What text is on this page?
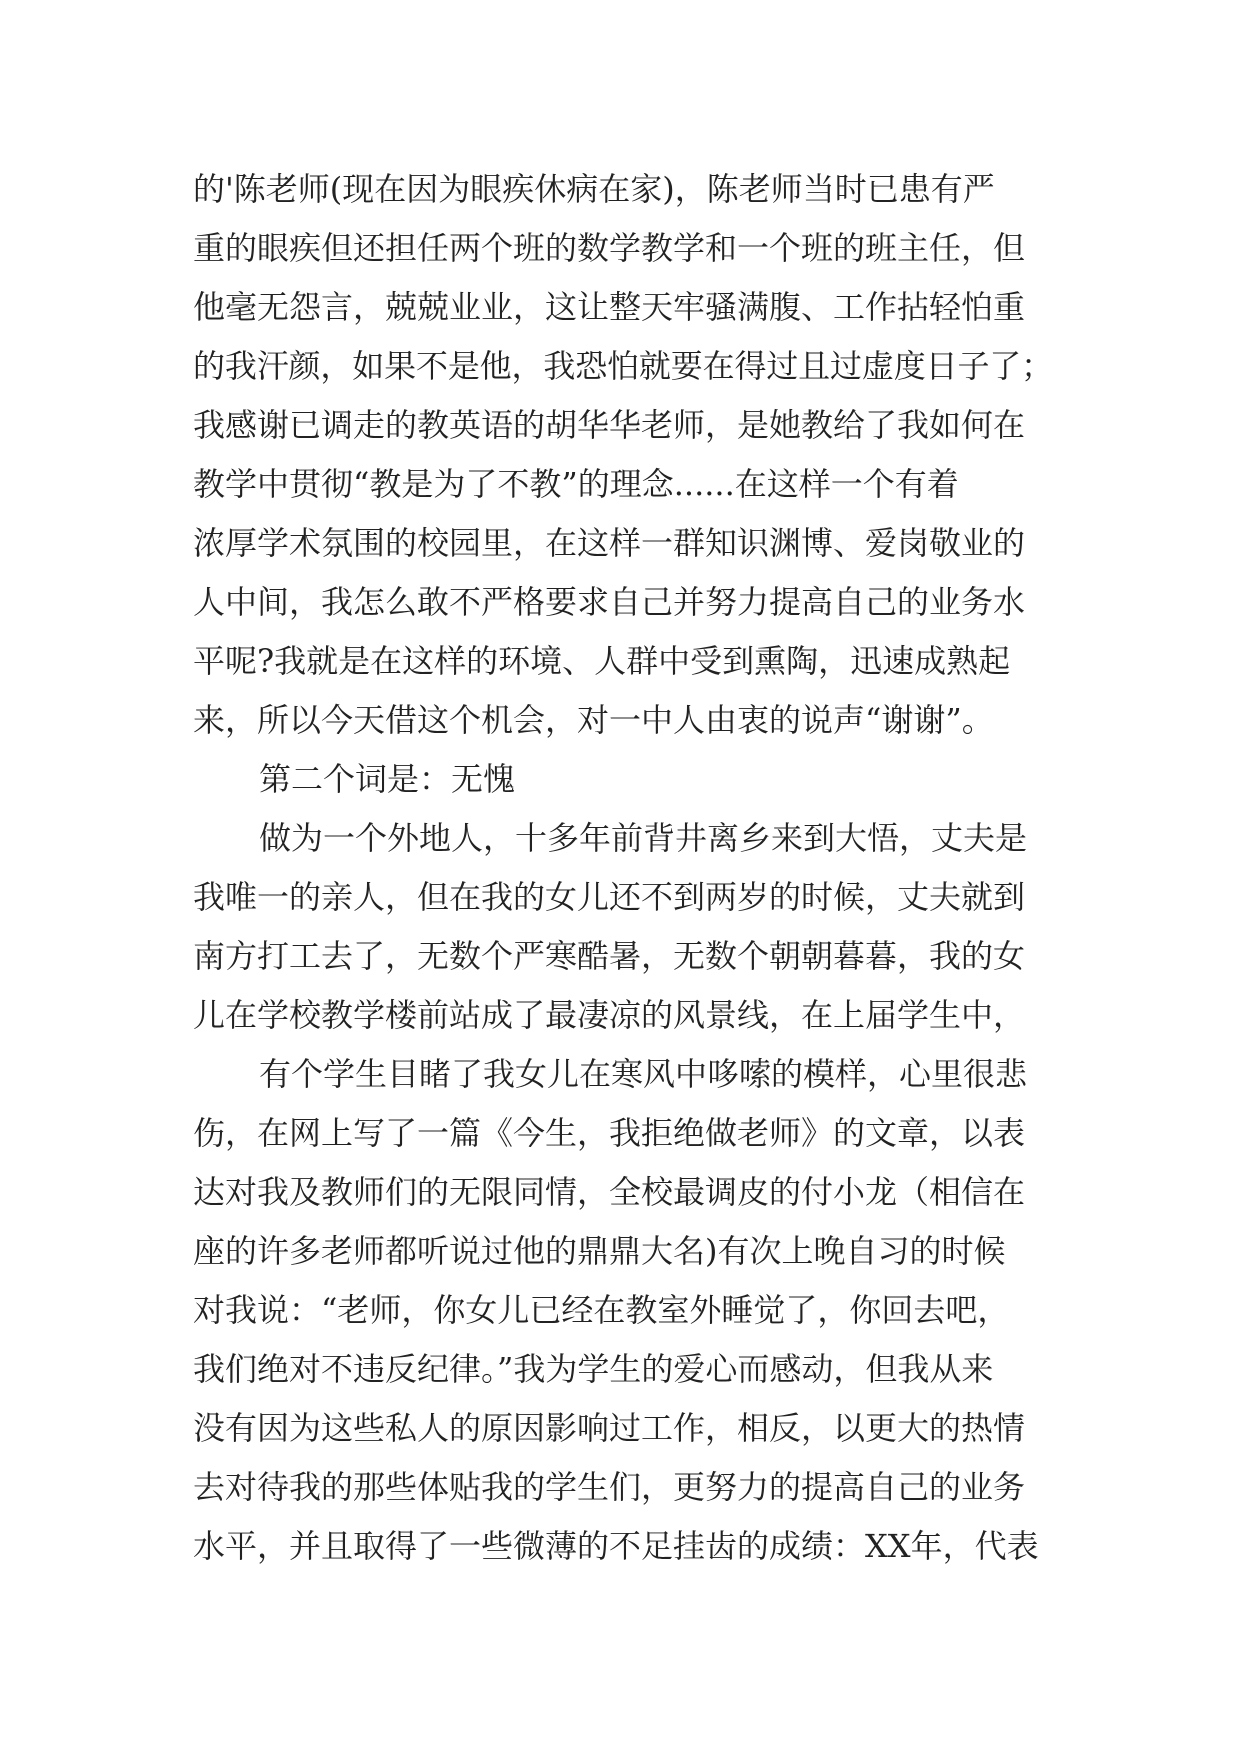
的'陈老师(现在因为眼疾休病在家)，陈老师当时已患有严
重的眼疾但还担任两个班的数学教学和一个班的班主任，但
他毫无怨言，兢兢业业，这让整天牢骚满腹、工作拈轻怕重
的我汗颜，如果不是他，我恐怕就要在得过且过虚度日子了；
我感谢已调走的教英语的胡华华老师，是她教给了我如何在
教学中贯彻“教是为了不教”的理念......在这样一个有着
浓厚学术氛围的校园里，在这样一群知识渊博、爱岗敬业的
人中间，我怎么敢不严格要求自己并努力提高自己的业务水
平呢?我就是在这样的环境、人群中受到熏陶，迅速成熟起
来，所以今天借这个机会，对一中人由衷的说声“谢谢”。
第二个词是：无愧
做为一个外地人，十多年前背井离乡来到大悟，丈夫是
我唯一的亲人，但在我的女儿还不到两岁的时候，丈夫就到
南方打工去了，无数个严寒酷暑，无数个朝朝暮暮，我的女
儿在学校教学楼前站成了最凄凉的风景线，在上届学生中，
有个学生目睹了我女儿在寒风中哆嗦的模样，心里很悲
伤，在网上写了一篇《今生，我拒绝做老师》的文章，以表
达对我及教师们的无限同情，全校最调皮的付小龙（相信在
座的许多老师都听说过他的鼎鼎大名)有次上晚自习的时候
对我说：“老师，你女儿已经在教室外睡觉了，你回去吧，
我们绝对不违反纪律。”我为学生的爱心而感动，但我从来
没有因为这些私人的原因影响过工作，相反，以更大的热情
去对待我的那些体贴我的学生们，更努力的提高自己的业务
水平，并且取得了一些微薄的不足挂齿的成绩：XX年，代表
